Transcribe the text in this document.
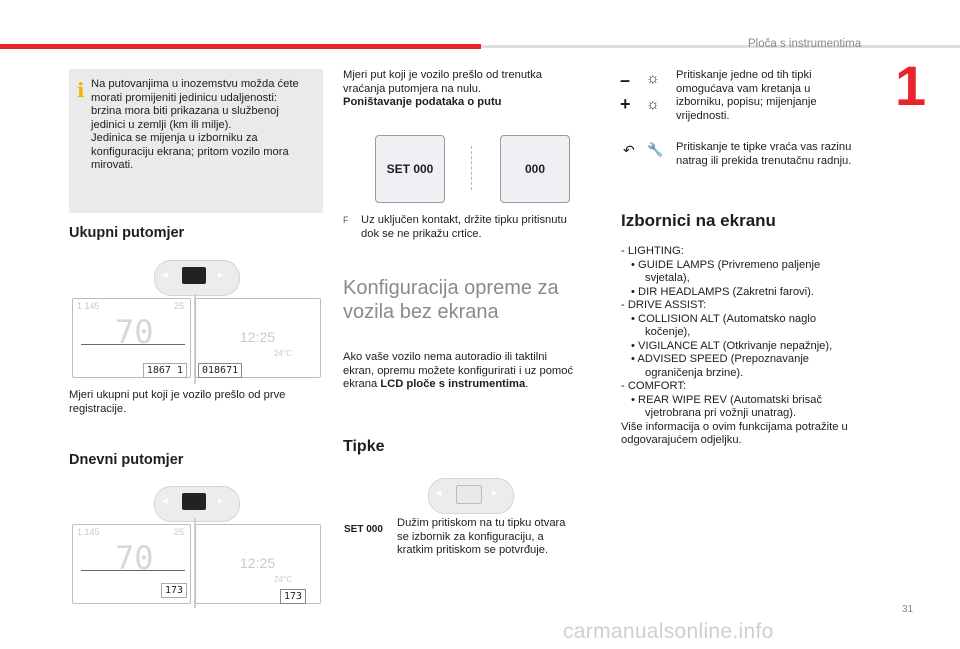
Ploča s instrumentima
1
i Na putovanjima u inozemstvu možda ćete
morati promijeniti jedinicu udaljenosti:
brzina mora biti prikazana u službenoj
jedinici u zemlji (km ili milje).
Jedinica se mijenja u izborniku za
konfiguraciju ekrana; pritom vozilo mora
mirovati.
Ukupni putomjer
◂	▸
1 145	25
70
1867 1
12:25
24°C
018671
Mjeri ukupni put koji je vozilo prešlo od prve
registracije.
Dnevni putomjer
◂	▸
1 145	25
70
173
12:25
24°C
173
Mjeri put koji je vozilo prešlo od trenutka
vraćanja putomjera na nulu.
Poništavanje podataka o putu
SET 000	000
F Uz uključen kontakt, držite tipku pritisnutu
dok se ne prikažu crtice.
Konfiguracija opreme za
vozila bez ekrana
Ako vaše vozilo nema autoradio ili taktilni
ekran, opremu možete konfigurirati i uz pomoć
ekrana LCD ploče s instrumentima.
Tipke
◂	▸
SET 000
Dužim pritiskom na tu tipku otvara
se izbornik za konfiguraciju, a
kratkim pritiskom se potvrđuje.
– ☼
+ ☼
Pritiskanje jedne od tih tipki
omogućava vam kretanja u
izborniku, popisu; mijenjanje
vrijednosti.
↶ 🔧 Pritiskanje te tipke vraća vas razinu
natrag ili prekida trenutačnu radnju.
Izbornici na ekranu
- LIGHTING:
• GUIDE LAMPS (Privremeno paljenje
svjetala),
• DIR HEADLAMPS (Zakretni farovi).
- DRIVE ASSIST:
• COLLISION ALT (Automatsko naglo
kočenje),
• VIGILANCE ALT (Otkrivanje nepažnje),
• ADVISED SPEED (Prepoznavanje
ograničenja brzine).
- COMFORT:
• REAR WIPE REV (Automatski brisač
vjetrobrana pri vožnji unatrag).
Više informacija o ovim funkcijama potražite u
odgovarajućem odjeljku.
31
carmanualsonline.info
